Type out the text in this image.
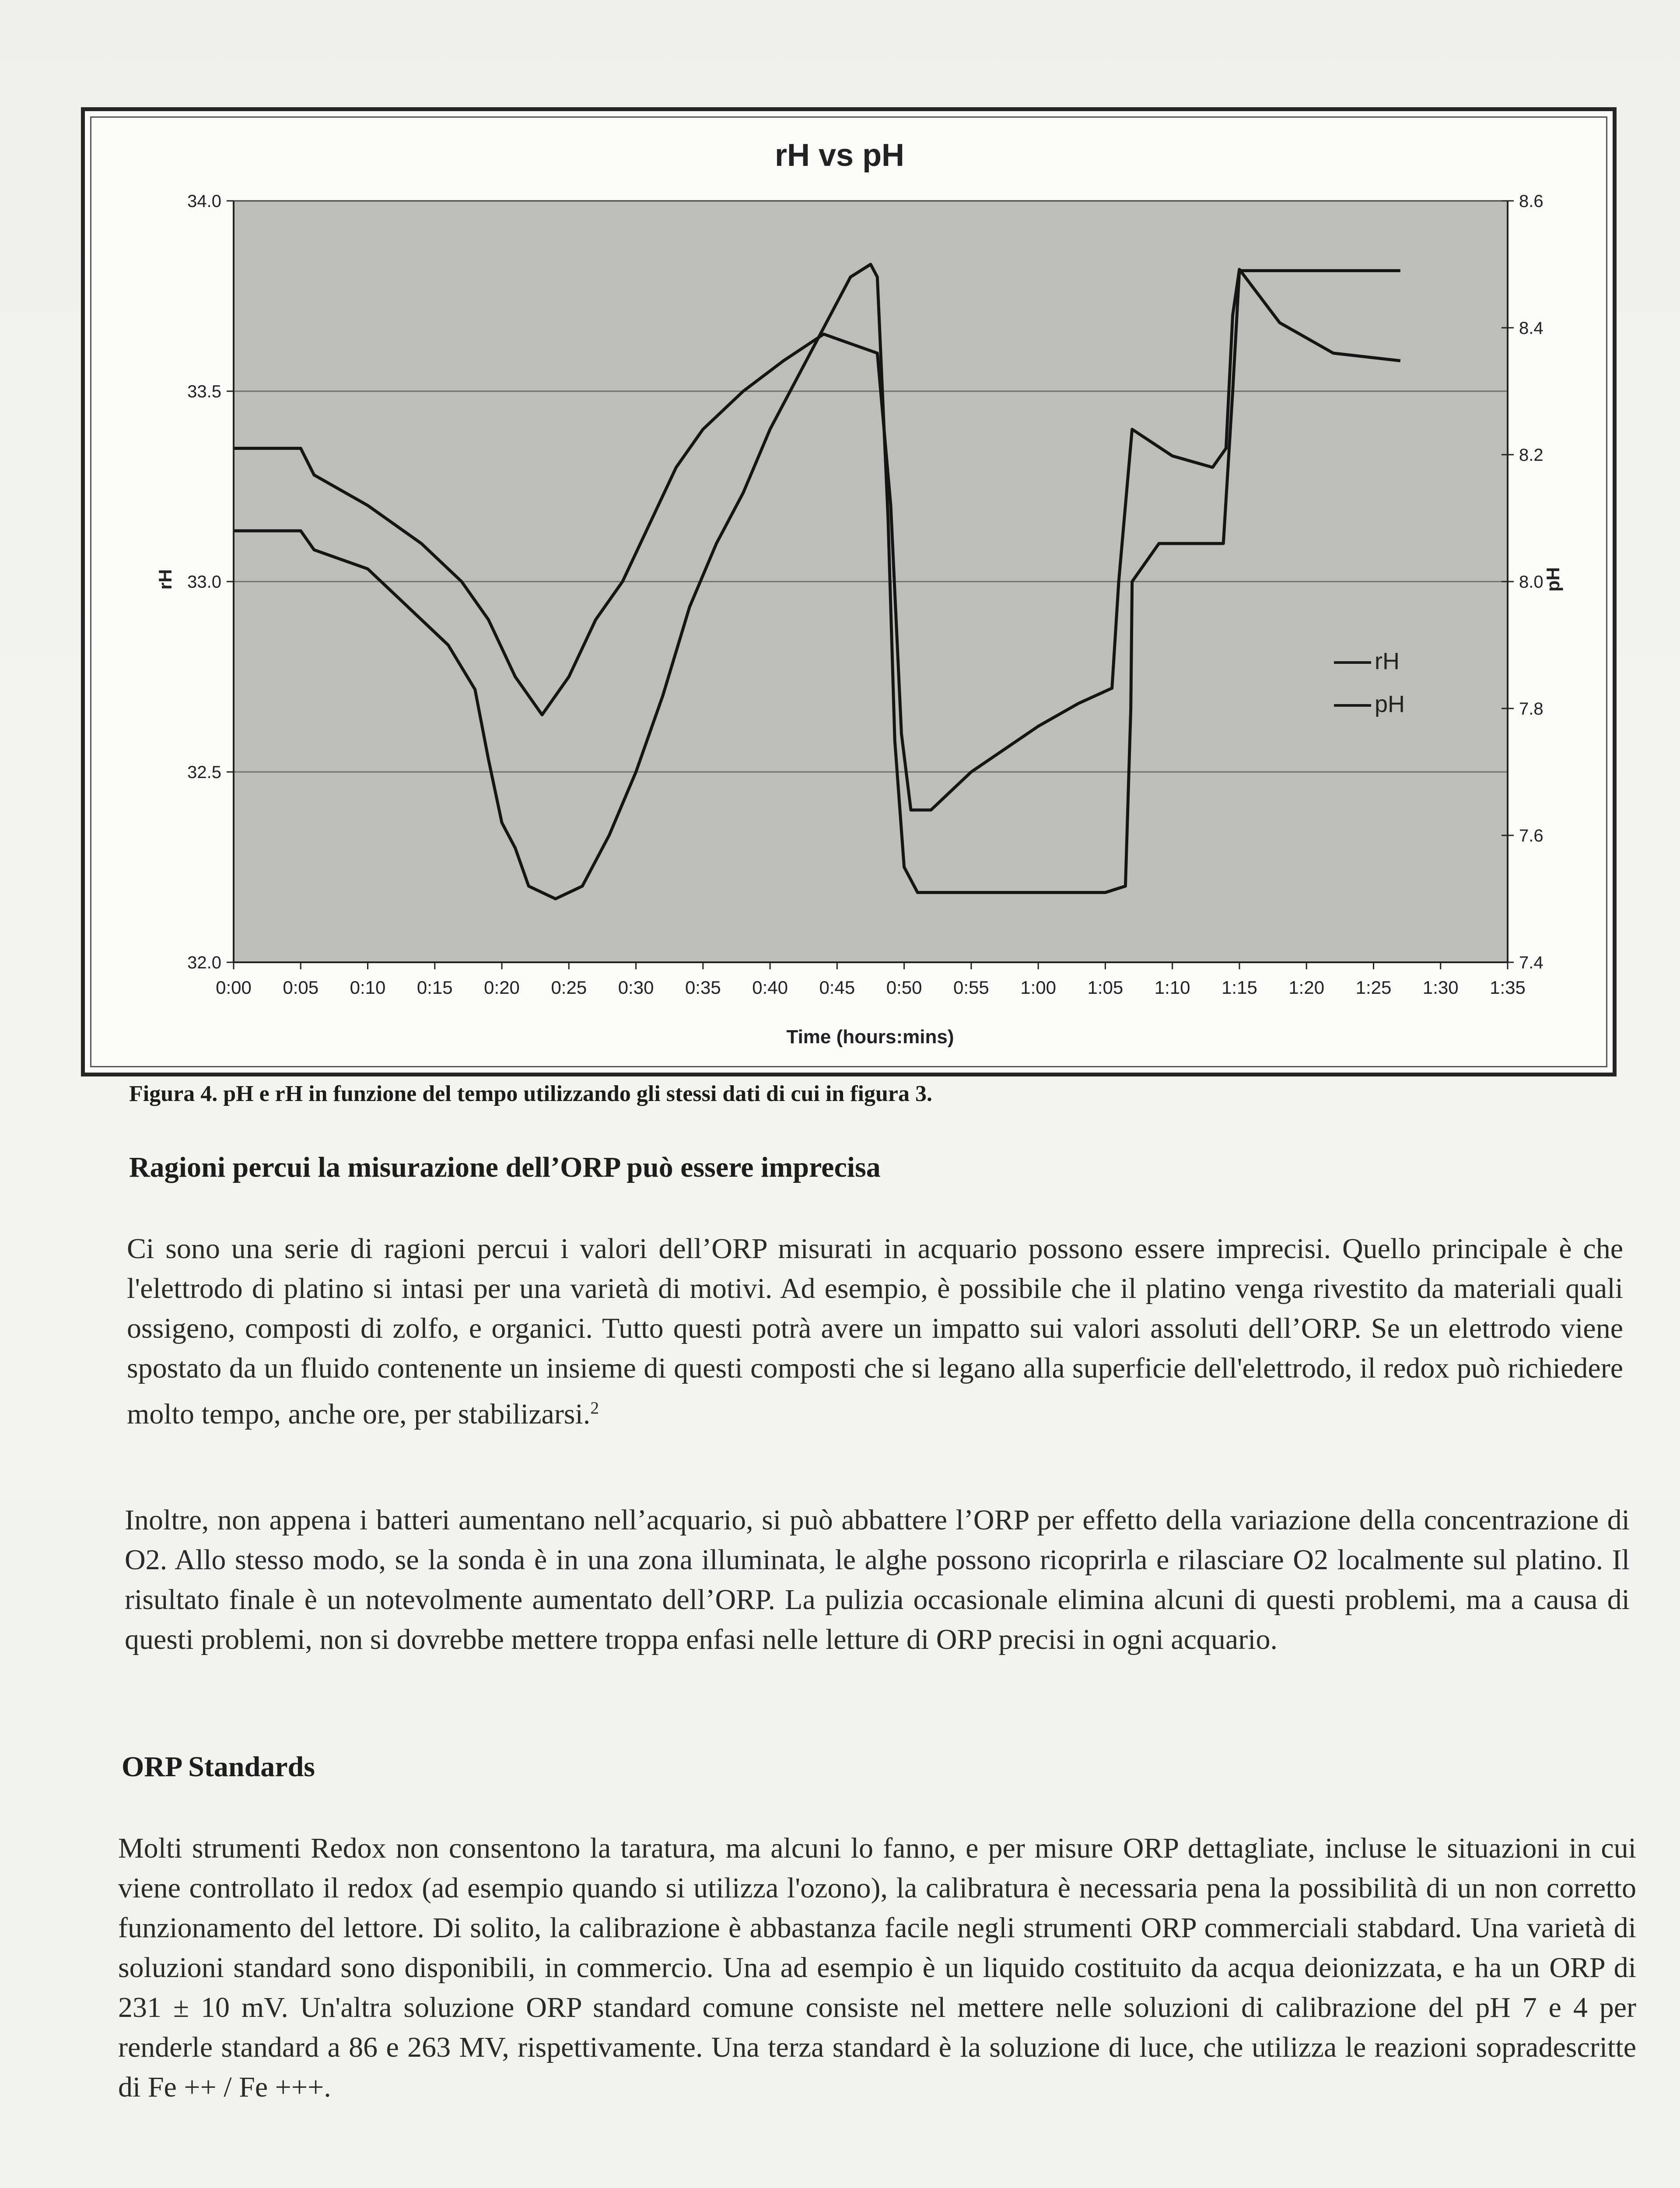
0:00 0:05 0:10 0:15 0:20 0:25 0:30 0:35 0:40 0:45 0:50 0:55 1:00 1:05 1:10 1:15 1:20 1:25 1:30 1:35
32.0
32.5
33.0
33.5
34.0
7.4
7.6
7.8
8.0
8.2
8.4
8.6
rH vs pH
Time (hours:mins)
rH	pH
rH
pH
Figura 4. pH e rH in funzione del tempo utilizzando gli stessi dati di cui in figura 3.
Ragioni percui la misurazione dell’ORP può essere imprecisa

Ci sono una serie di ragioni percui i valori dell’ORP misurati in acquario possono essere imprecisi. Quello principale è che l'elettrodo di platino si intasi per una varietà di motivi. Ad esempio, è possibile che il platino venga rivestito da materiali quali ossigeno, composti di zolfo, e organici. Tutto questi potrà avere un impatto sui valori assoluti dell’ORP. Se un elettrodo viene spostato da un fluido contenente un insieme di questi composti che si legano alla superficie dell'elettrodo, il redox può richiedere molto tempo, anche ore, per stabilizarsi.$^2$

Inoltre, non appena i batteri aumentano nell’acquario, si può abbattere l’ORP per effetto della variazione della concentrazione di O2. Allo stesso modo, se la sonda è in una zona illuminata, le alghe possono ricoprirla e rilasciare O2 localmente sul platino. Il risultato finale è un notevolmente aumentato dell’ORP. La pulizia occasionale elimina alcuni di questi problemi, ma a causa di questi problemi, non si dovrebbe mettere troppa enfasi nelle letture di ORP precisi in ogni acquario.

ORP Standards

Molti strumenti Redox non consentono la taratura, ma alcuni lo fanno, e per misure ORP dettagliate, incluse le situazioni in cui viene controllato il redox (ad esempio quando si utilizza l'ozono), la calibratura è necessaria pena la possibilità di un non corretto funzionamento del lettore. Di solito, la calibrazione è abbastanza facile negli strumenti ORP commerciali stabdard. Una varietà di soluzioni standard sono disponibili, in commercio. Una ad esempio è un liquido costituito da acqua deionizzata, e ha un ORP di 231 ± 10 mV. Un'altra soluzione ORP standard comune consiste nel mettere nelle soluzioni di calibrazione del pH 7 e 4 per renderle standard a 86 e 263 MV, rispettivamente. Una terza standard è la soluzione di luce, che utilizza le reazioni sopradescritte di Fe ++ / Fe +++.
